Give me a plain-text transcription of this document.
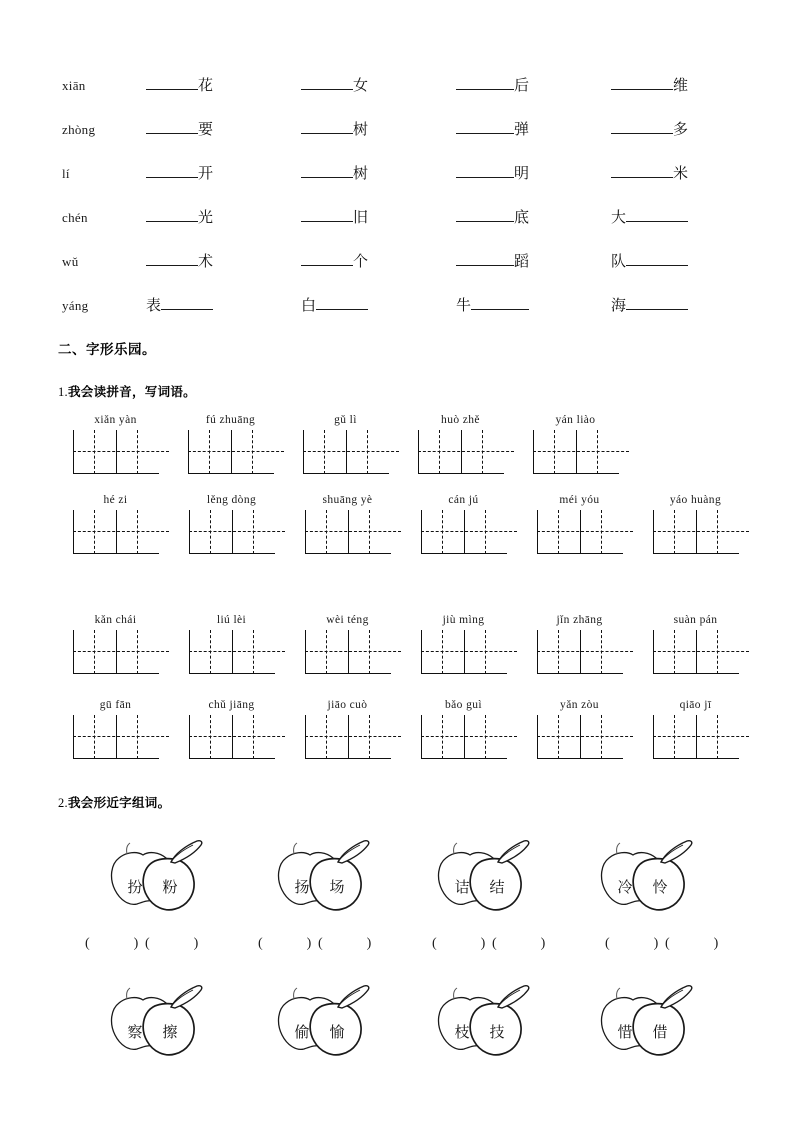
xiān	花	女	后	维
zhòng	要	树	弹	多
lí	开	树	明	米
chén	光	旧	底	大
wǔ	术	个	蹈	队
yáng	表	白	牛	海
二、字形乐园。
1.我会读拼音，写词语。
xiǎn yàn	fú zhuāng	gǔ lì	huò zhě	yán liào
hé zi	lěng dòng	shuāng yè	cán jú	méi yóu	yáo huàng
kǎn chái	liú lèi	wèi téng	jiù mìng	jǐn zhāng	suàn pán
gū fān	chǔ jiāng	jiāo cuò	bǎo guì	yǎn zòu	qiāo jī
2.我会形近字组词。
扮 粉	扬 场	诘 结	冷 怜
(	) (	)	(	) (	)	(	) (	)	(	) (	)
察 擦	偷 愉	枝 技	惜 借
